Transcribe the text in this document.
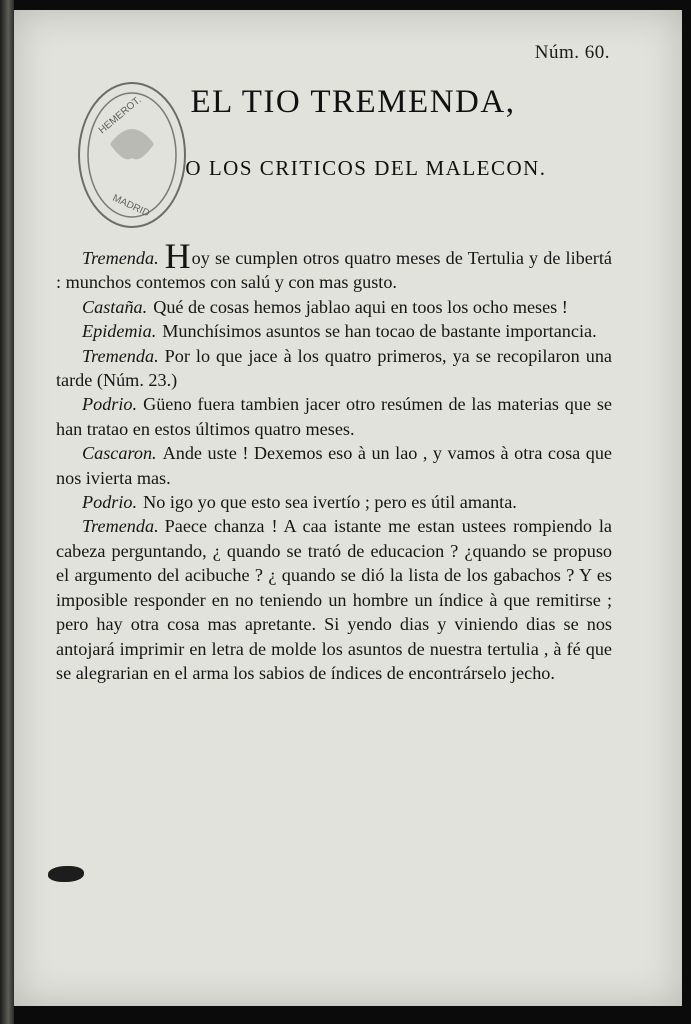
Núm. 60.
HEMEROT.
MADRID
EL TIO TREMENDA,
O LOS CRITICOS DEL MALECON.

Tremenda. Hoy se cumplen otros quatro meses de Tertulia y de libertá : munchos contemos con salú y con mas gusto.

Castaña. Qué de cosas hemos jablao aqui en toos los ocho meses !

Epidemia. Munchísimos asuntos se han tocao de bastante importancia.

Tremenda. Por lo que jace à los quatro primeros, ya se recopilaron una tarde (Núm. 23.)

Podrio. Güeno fuera tambien jacer otro resúmen de las materias que se han tratao en estos últimos quatro meses.

Cascaron. Ande uste ! Dexemos eso à un lao , y vamos à otra cosa que nos ivierta mas.

Podrio. No igo yo que esto sea ivertío ; pero es útil amanta.

Tremenda. Paece chanza ! A caa istante me estan ustees rompiendo la cabeza perguntando, ¿ quando se trató de educacion ? ¿quando se propuso el argumento del acibuche ? ¿ quando se dió la lista de los gabachos ? Y es imposible responder en no teniendo un hombre un índice à que remitirse ; pero hay otra cosa mas apretante. Si yendo dias y viniendo dias se nos antojará imprimir en letra de molde los asuntos de nuestra tertulia , à fé que se alegrarian en el arma los sabios de índices de encontrárselo jecho.
